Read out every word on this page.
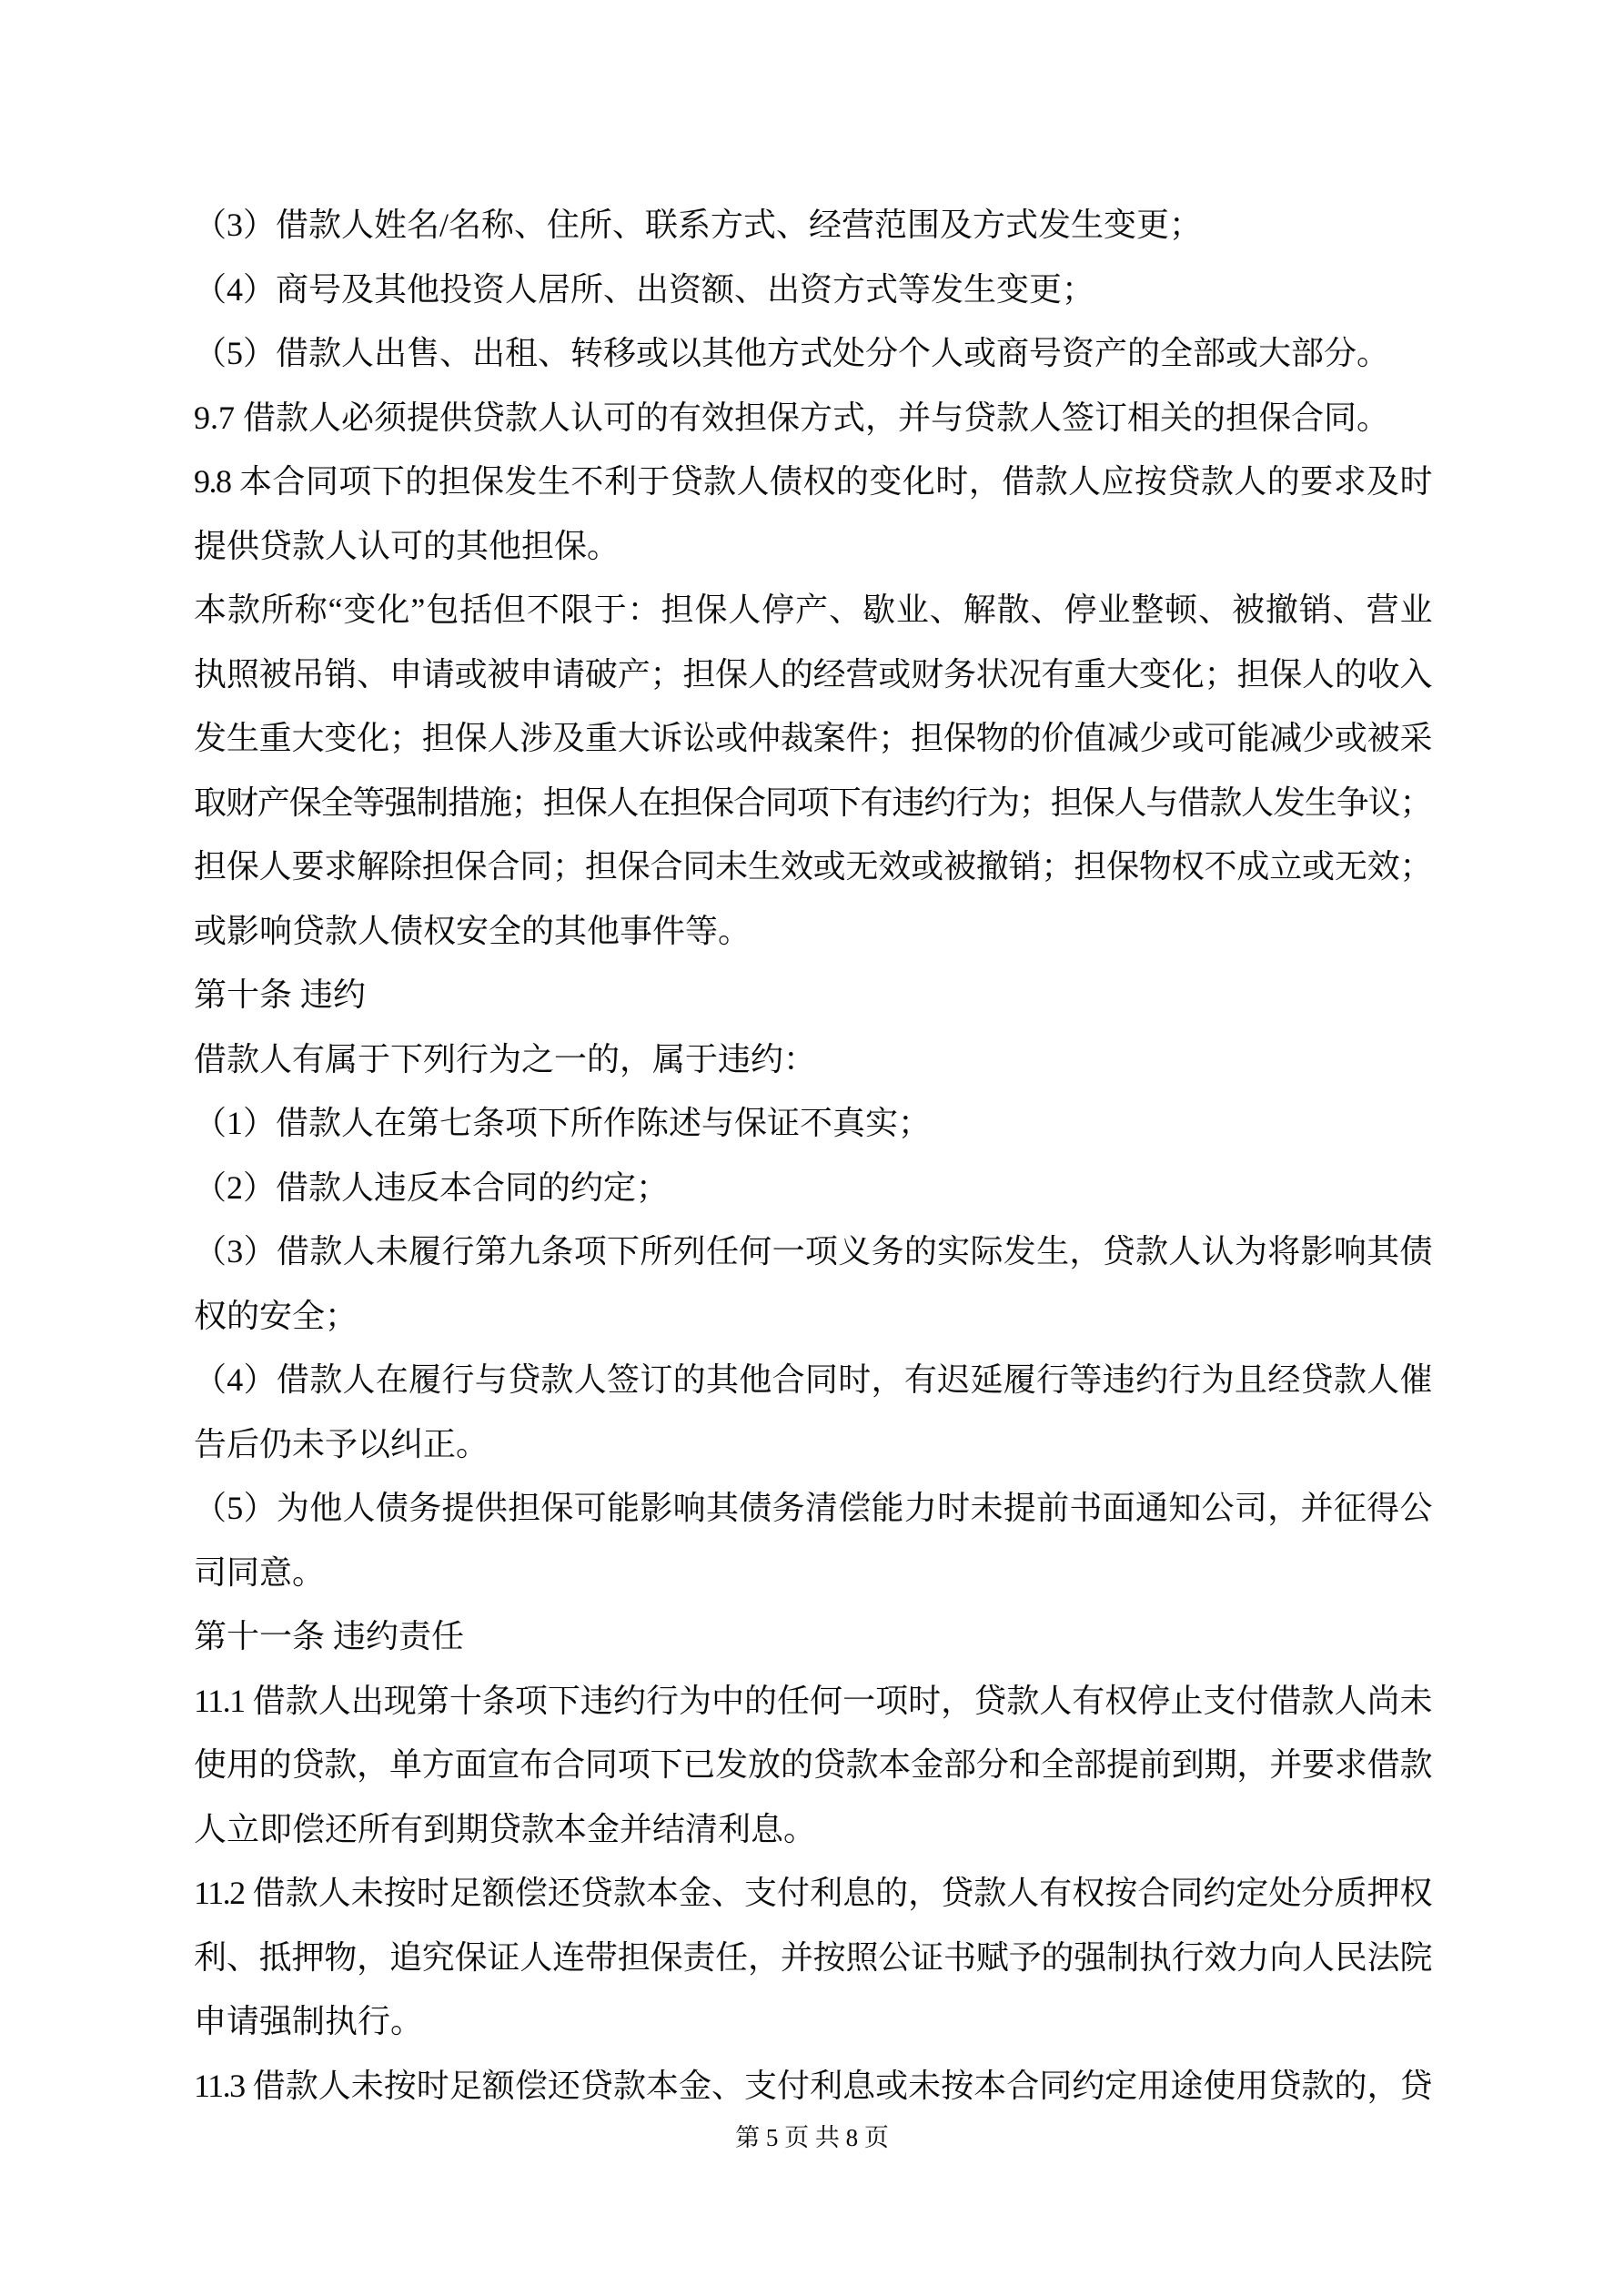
（3）借款人姓名/名称、住所、联系方式、经营范围及方式发生变更；
（4）商号及其他投资人居所、出资额、出资方式等发生变更；
（5）借款人出售、出租、转移或以其他方式处分个人或商号资产的全部或大部分。
9.7 借款人必须提供贷款人认可的有效担保方式，并与贷款人签订相关的担保合同。
9.8 本合同项下的担保发生不利于贷款人债权的变化时，借款人应按贷款人的要求及时
提供贷款人认可的其他担保。
本款所称“变化”包括但不限于：担保人停产、歇业、解散、停业整顿、被撤销、营业
执照被吊销、申请或被申请破产；担保人的经营或财务状况有重大变化；担保人的收入
发生重大变化；担保人涉及重大诉讼或仲裁案件；担保物的价值减少或可能减少或被采
取财产保全等强制措施；担保人在担保合同项下有违约行为；担保人与借款人发生争议；
担保人要求解除担保合同；担保合同未生效或无效或被撤销；担保物权不成立或无效；
或影响贷款人债权安全的其他事件等。
第十条 违约
借款人有属于下列行为之一的，属于违约：
（1）借款人在第七条项下所作陈述与保证不真实；
（2）借款人违反本合同的约定；
（3）借款人未履行第九条项下所列任何一项义务的实际发生，贷款人认为将影响其债
权的安全；
（4）借款人在履行与贷款人签订的其他合同时，有迟延履行等违约行为且经贷款人催
告后仍未予以纠正。
（5）为他人债务提供担保可能影响其债务清偿能力时未提前书面通知公司，并征得公
司同意。
第十一条 违约责任
11.1 借款人出现第十条项下违约行为中的任何一项时，贷款人有权停止支付借款人尚未
使用的贷款，单方面宣布合同项下已发放的贷款本金部分和全部提前到期，并要求借款
人立即偿还所有到期贷款本金并结清利息。
11.2 借款人未按时足额偿还贷款本金、支付利息的，贷款人有权按合同约定处分质押权
利、抵押物，追究保证人连带担保责任，并按照公证书赋予的强制执行效力向人民法院
申请强制执行。
11.3 借款人未按时足额偿还贷款本金、支付利息或未按本合同约定用途使用贷款的，贷
第 5 页 共 8 页
